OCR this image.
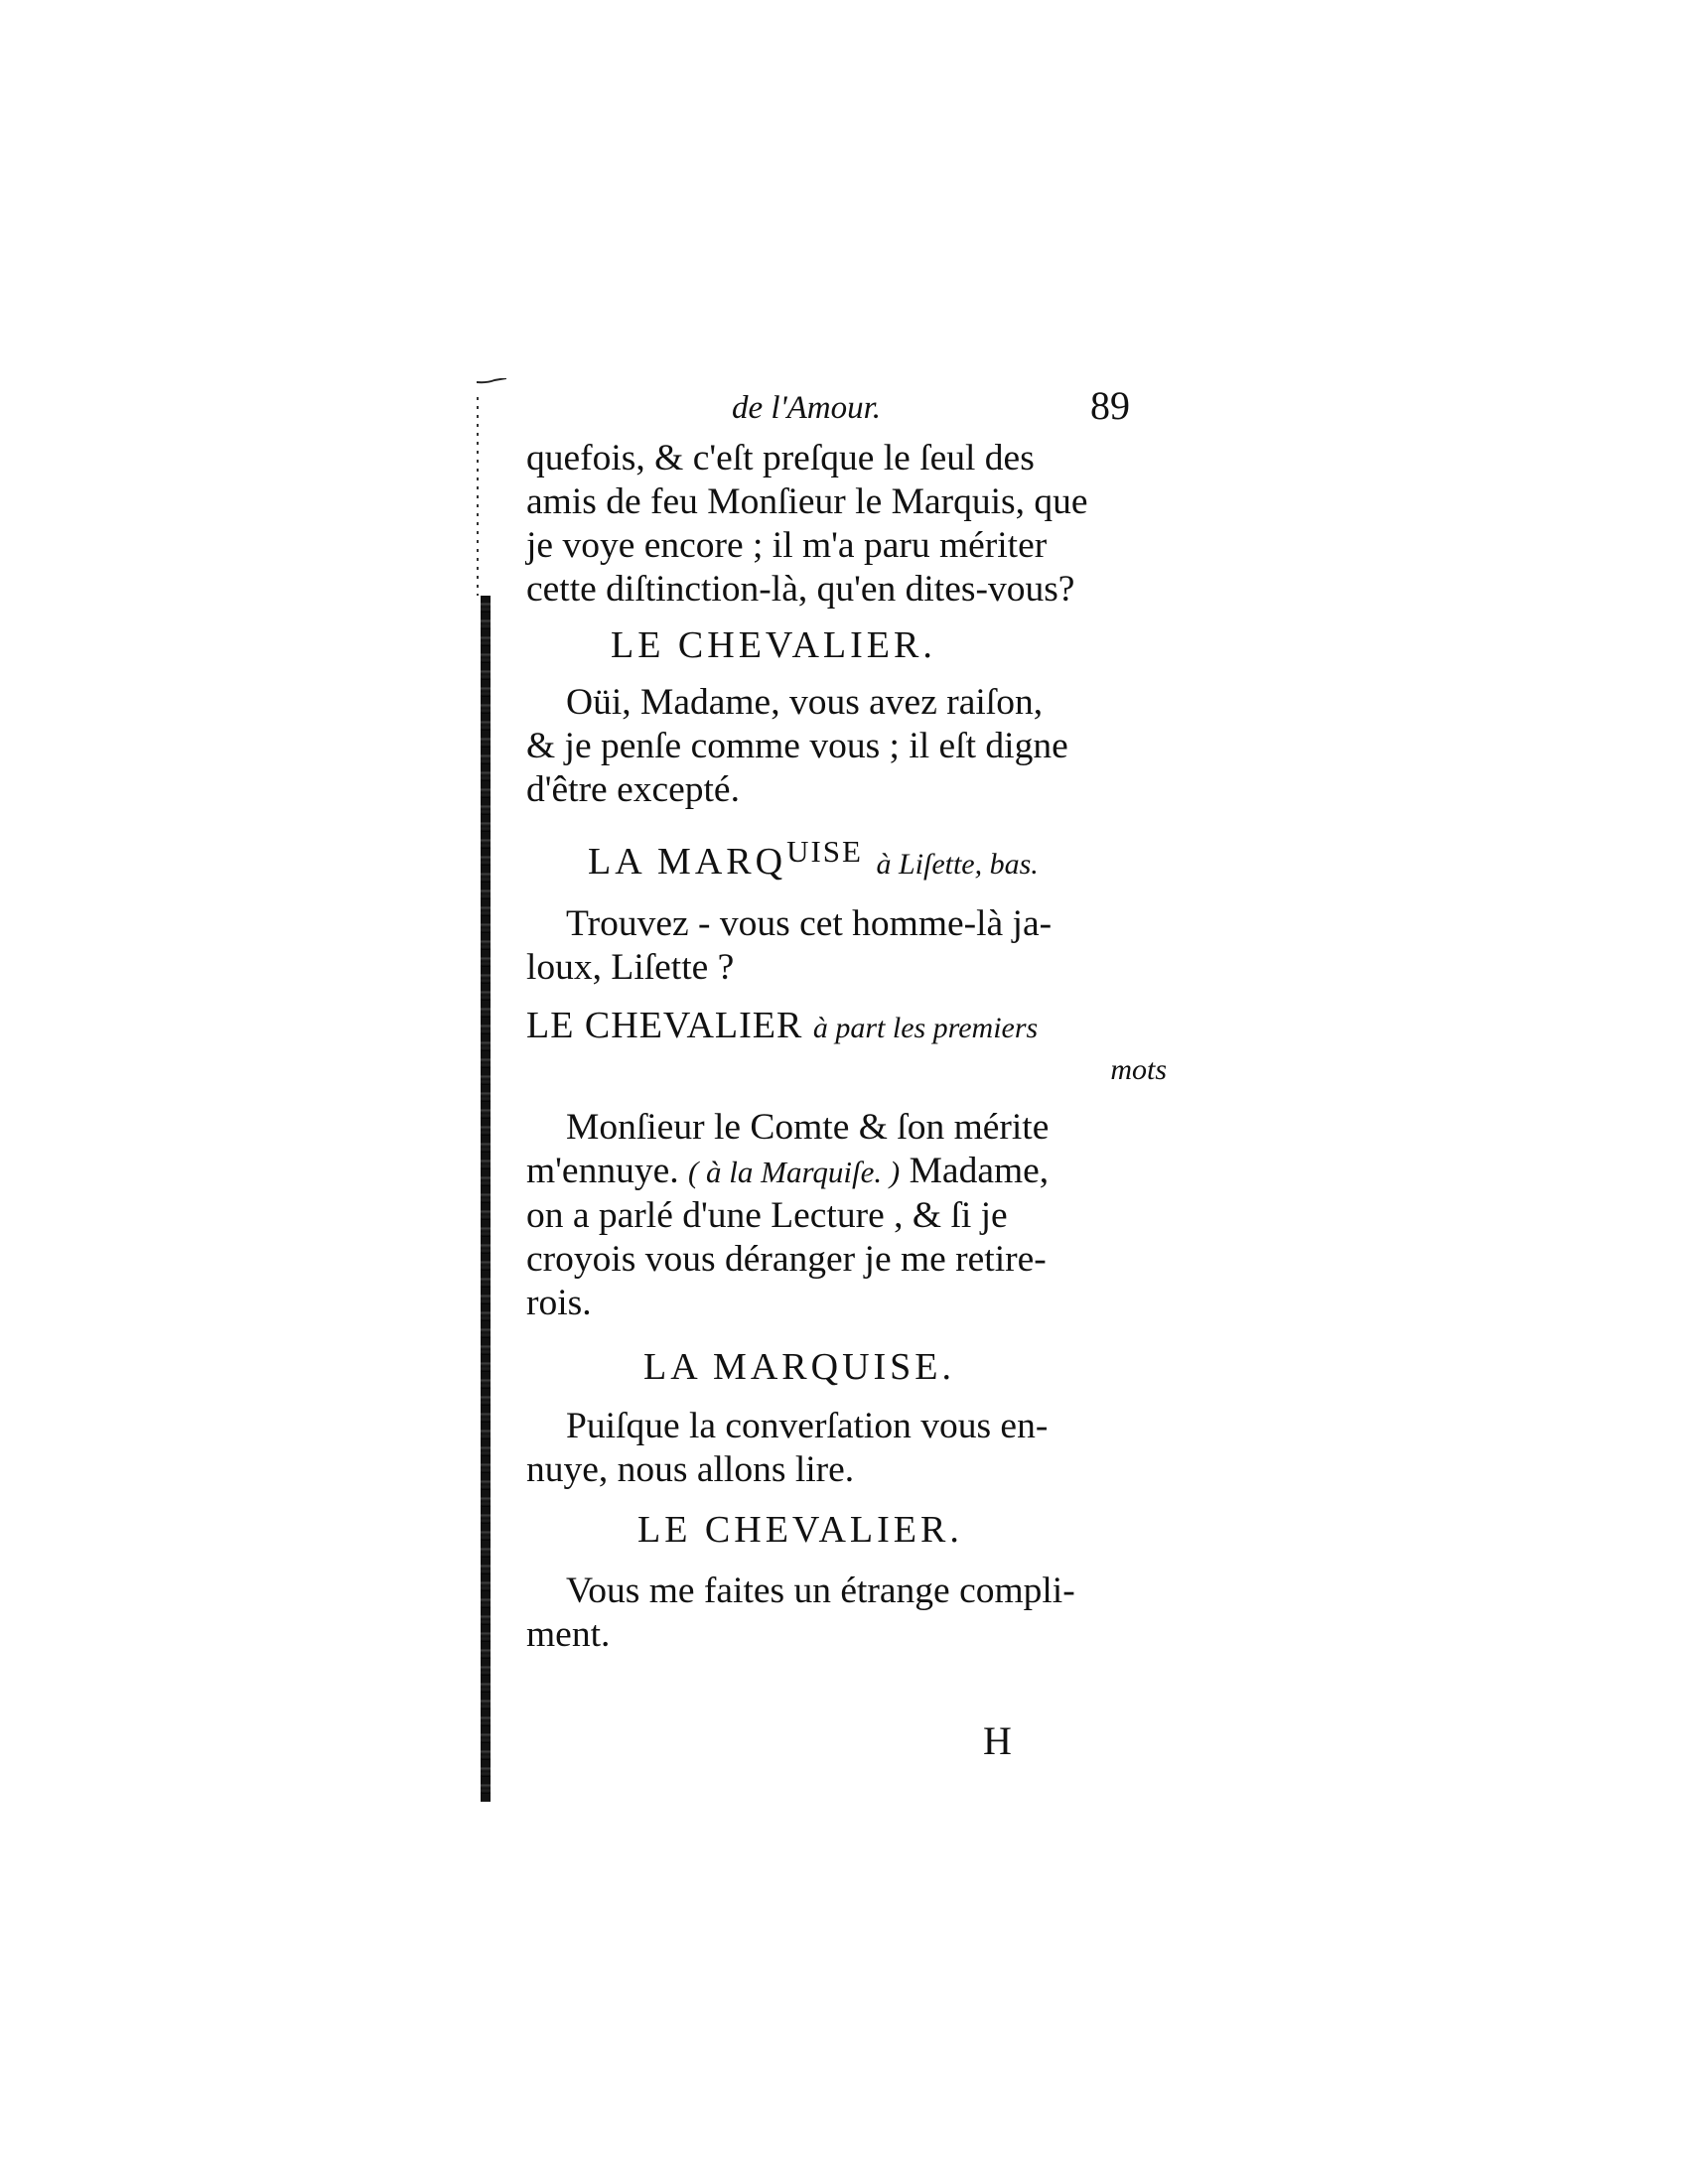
de l'Amour.	89

quefois, & c'eſt preſque le ſeul des
amis de feu Monſieur le Marquis, que
je voye encore ; il m'a paru mériter
cette diſtinction-là, qu'en dites-vous?

LE CHEVALIER.

Oüi, Madame, vous avez raiſon,
& je penſe comme vous ; il eſt digne
d'être excepté.

LA $MARQ^{UISE}$ à Liſette, bas.

Trouvez - vous cet homme-là ja-
loux, Liſette ?

LE CHEVALIER à part les premiers

mots

Monſieur le Comte & ſon mérite
m'ennuye. ( à la Marquiſe. ) Madame,
on a parlé d'une Lecture , & ſi je
croyois vous déranger je me retire-
rois.

LA MARQUISE.

Puiſque la converſation vous en-
nuye, nous allons lire.

LE CHEVALIER.

Vous me faites un étrange compli-
ment.

H
